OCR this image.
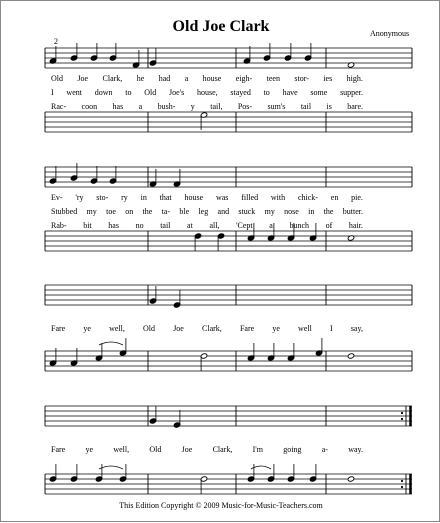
Old Joe Clark	Anonymous
2
Old Joe Clark, he had a house eigh- teen stor- ies high.
I went down to Old Joe's house, stayed to have some supper.
Rac- coon has a bush- y tail, Pos- sum's tail is bare.
Ev- 'ry sto- ry in that house was filled with chick- en pie.
Stubbed my toe on the ta- ble leg and stuck my nose in the butter.
Rab- bit has no tail at all, 'Cept a bunch of hair.
Fare ye well, Old Joe Clark, Fare ye well I say,
Fare	ye	well,	Old	Joe	Clark,	I'm	going	a-	way.
This Edition Copyright © 2009 Music-for-Music-Teachers.com
